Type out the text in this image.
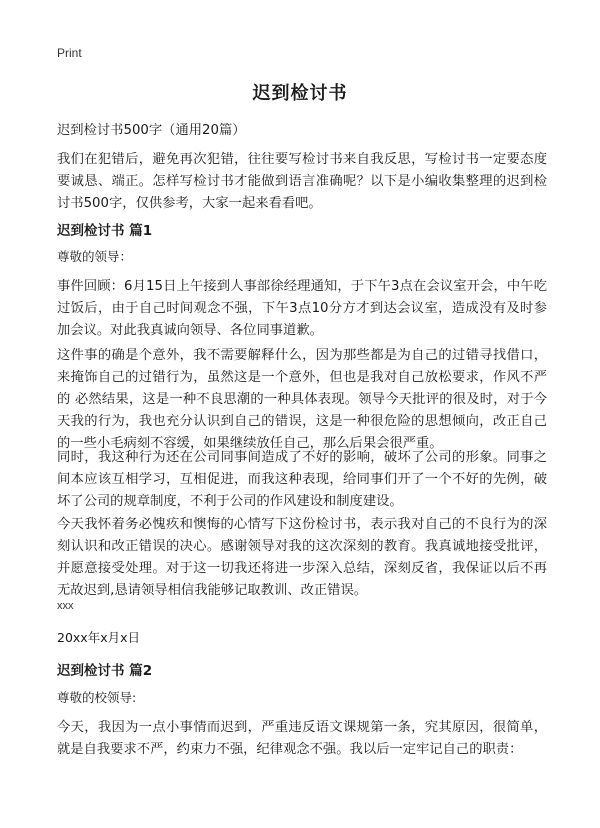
Print
迟到检讨书

迟到检讨书500字（通用20篇）

我们在犯错后，避免再次犯错，往往要写检讨书来自我反思，写检讨书一定要态度要诚恳、端正。怎样写检讨书才能做到语言准确呢？以下是小编收集整理的迟到检讨书500字，仅供参考，大家一起来看看吧。

迟到检讨书 篇1

尊敬的领导：

事件回顾：6月15日上午接到人事部徐经理通知，于下午3点在会议室开会，中午吃过饭后，由于自己时间观念不强，下午3点10分方才到达会议室，造成没有及时参加会议。对此我真诚向领导、各位同事道歉。

这件事的确是个意外，我不需要解释什么，因为那些都是为自己的过错寻找借口，来掩饰自己的过错行为，虽然这是一个意外，但也是我对自己放松要求，作风不严的 必然结果，这是一种不良思潮的一种具体表现。领导今天批评的很及时，对于今天我的行为，我也充分认识到自己的错误，这是一种很危险的思想倾向，改正自己的一些小毛病刻不容缓，如果继续放任自己，那么后果会很严重。

同时，我这种行为还在公司同事间造成了不好的影响，破坏了公司的形象。同事之间本应该互相学习，互相促进，而我这种表现，给同事们开了一个不好的先例，破坏了公司的规章制度，不利于公司的作风建设和制度建设。

今天我怀着务必愧疚和懊悔的心情写下这份检讨书，表示我对自己的不良行为的深刻认识和改正错误的决心。感谢领导对我的这次深刻的教育。我真诚地接受批评，并愿意接受处理。对于这一切我还将进一步深入总结，深刻反省，我保证以后不再无故迟到,恳请领导相信我能够记取教训、改正错误。

xxx

20xx年x月x日

迟到检讨书 篇2

尊敬的校领导:

今天，我因为一点小事情而迟到，严重违反语文课规第一条，究其原因，很简单，就是自我要求不严，约束力不强，纪律观念不强。我以后一定牢记自己的职责：
